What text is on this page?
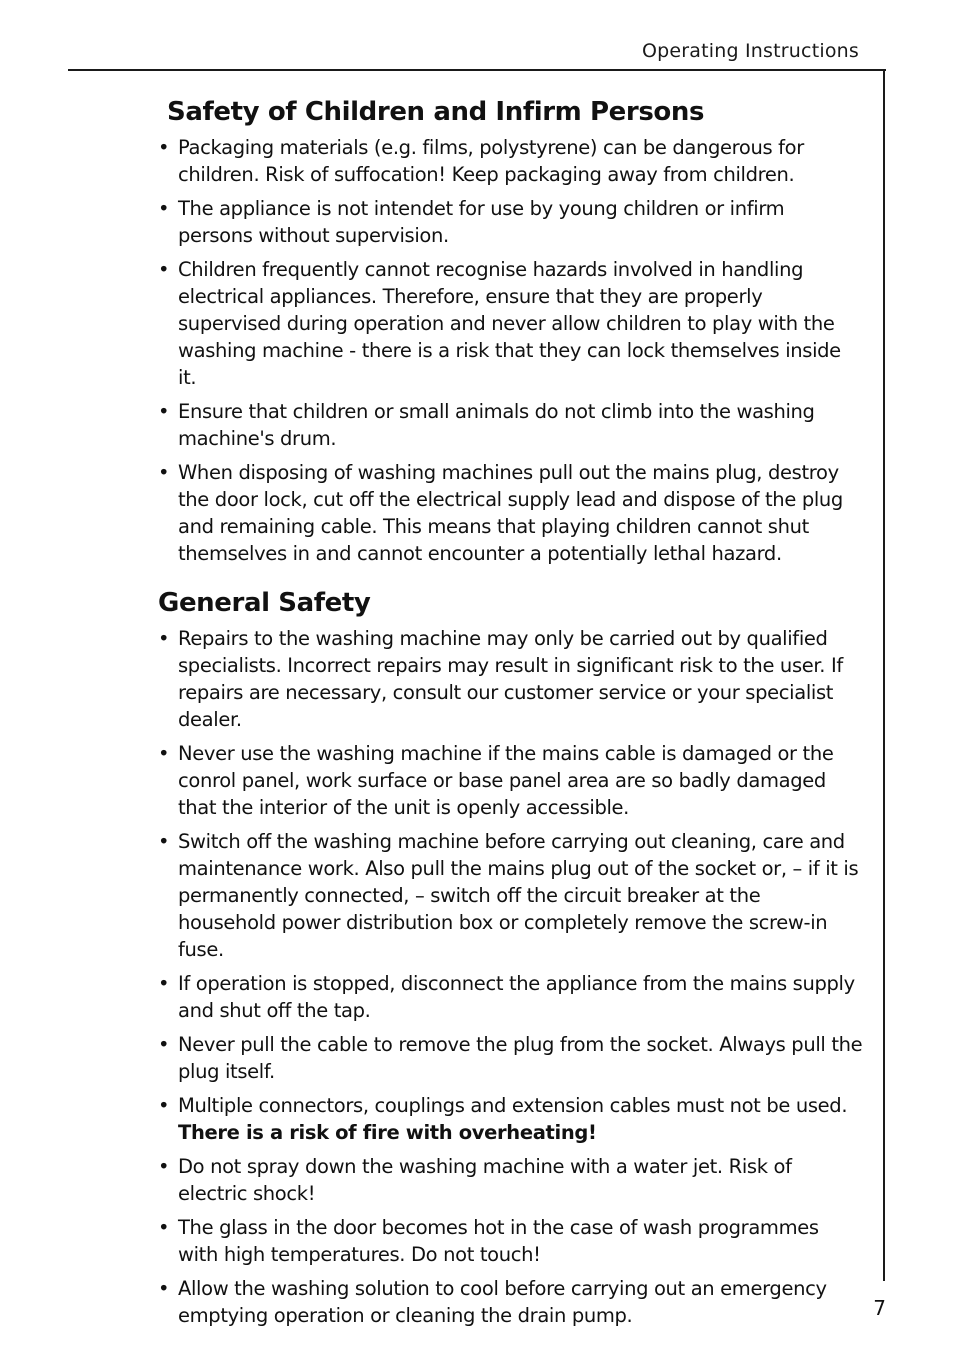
Operating Instructions
Safety of Children and Infirm Persons
• Packaging materials (e.g. films, polystyrene) can be dangerous for children. Risk of suffocation! Keep packaging away from children.
• The appliance is not intendet for use by young children or infirm persons without supervision.
• Children frequently cannot recognise hazards involved in handling electrical appliances. Therefore, ensure that they are properly supervised during operation and never allow children to play with the washing machine - there is a risk that they can lock themselves inside it.
• Ensure that children or small animals do not climb into the washing machine's drum.
• When disposing of washing machines pull out the mains plug, destroy the door lock, cut off the electrical supply lead and dispose of the plug and remaining cable. This means that playing children cannot shut themselves in and cannot encounter a potentially lethal hazard.
General Safety
• Repairs to the washing machine may only be carried out by qualified specialists. Incorrect repairs may result in significant risk to the user. If repairs are necessary, consult our customer service or your specialist dealer.
• Never use the washing machine if the mains cable is damaged or the conrol panel, work surface or base panel area are so badly damaged that the interior of the unit is openly accessible.
• Switch off the washing machine before carrying out cleaning, care and maintenance work. Also pull the mains plug out of the socket or, – if it is permanently connected, – switch off the circuit breaker at the household power distribution box or completely remove the screw-in fuse.
• If operation is stopped, disconnect the appliance from the mains supply and shut off the tap.
• Never pull the cable to remove the plug from the socket. Always pull the plug itself.
• Multiple connectors, couplings and extension cables must not be used. There is a risk of fire with overheating!
• Do not spray down the washing machine with a water jet. Risk of electric shock!
• The glass in the door becomes hot in the case of wash programmes with high temperatures. Do not touch!
• Allow the washing solution to cool before carrying out an emergency emptying operation or cleaning the drain pump.	7
